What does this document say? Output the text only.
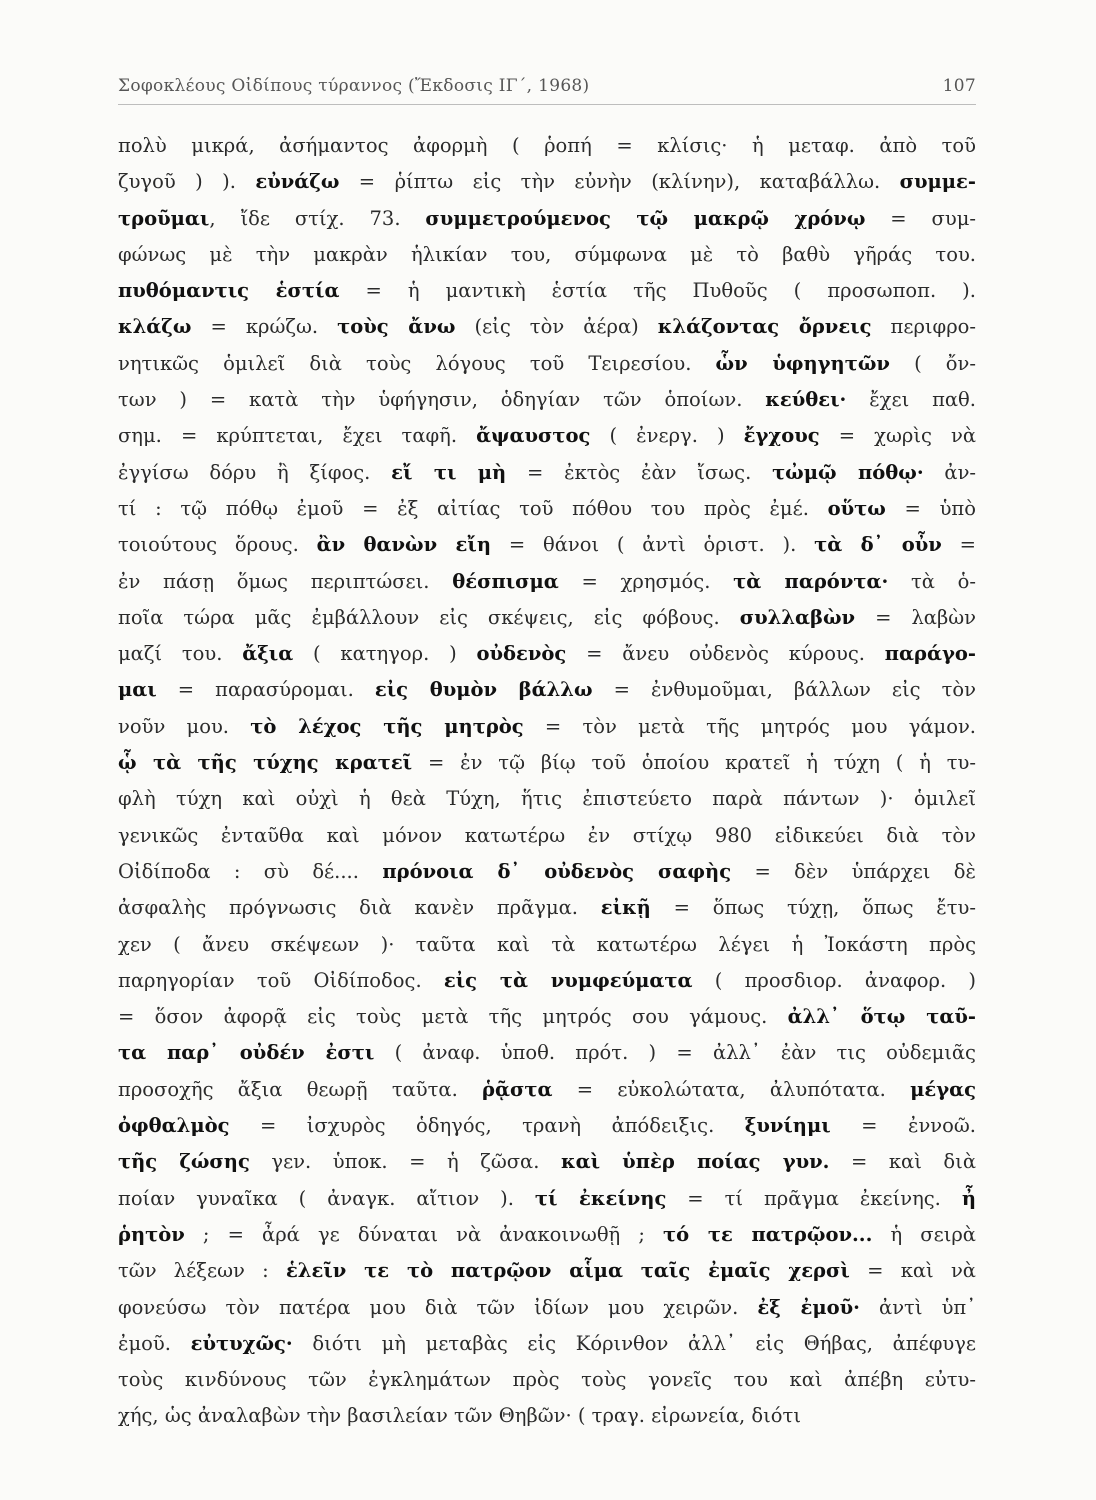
Σοφοκλέους Οἰδίπους τύραννος (Ἔκδοσις ΙΓ΄, 1968)	107
πολὺ μικρά, ἀσήμαντος ἀφορμὴ ( ῥοπή = κλίσις· ἡ μεταφ. ἀπὸ τοῦ
ζυγοῦ ) ). εὐνάζω = ῥίπτω εἰς τὴν εὐνὴν (κλίνην), καταβάλλω. συμμε-
τροῦμαι, ἴδε στίχ. 73. συμμετρούμενος τῷ μακρῷ χρόνῳ = συμ-
φώνως μὲ τὴν μακρὰν ἡλικίαν του, σύμφωνα μὲ τὸ βαθὺ γῆράς του.
πυθόμαντις ἑστία = ἡ μαντικὴ ἑστία τῆς Πυθοῦς ( προσωποπ. ).
κλάζω = κρώζω. τοὺς ἄνω (εἰς τὸν ἀέρα) κλάζοντας ὄρνεις περιφρο-
νητικῶς ὁμιλεῖ διὰ τοὺς λόγους τοῦ Τειρεσίου. ὧν ὑφηγητῶν ( ὄν-
των ) = κατὰ τὴν ὑφήγησιν, ὁδηγίαν τῶν ὁποίων. κεύθει· ἔχει παθ.
σημ. = κρύπτεται, ἔχει ταφῆ. ἄψαυστος ( ἐνεργ. ) ἔγχους = χωρὶς νὰ
ἐγγίσω δόρυ ἢ ξίφος. εἴ τι μὴ = ἐκτὸς ἐὰν ἴσως. τὠμῷ πόθῳ· ἀν-
τί : τῷ πόθῳ ἐμοῦ = ἐξ αἰτίας τοῦ πόθου του πρὸς ἐμέ. οὕτω = ὑπὸ
τοιούτους ὅρους. ἂν θανὼν εἴη = θάνοι ( ἀντὶ ὁριστ. ). τὰ δ᾽ οὖν =
ἐν πάσῃ ὅμως περιπτώσει. θέσπισμα = χρησμός. τὰ παρόντα· τὰ ὁ-
ποῖα τώρα μᾶς ἐμβάλλουν εἰς σκέψεις, εἰς φόβους. συλλαβὼν = λαβὼν
μαζί του. ἄξια ( κατηγορ. ) οὐδενὸς = ἄνευ οὐδενὸς κύρους. παράγο-
μαι = παρασύρομαι. εἰς θυμὸν βάλλω = ἐνθυμοῦμαι, βάλλων εἰς τὸν
νοῦν μου. τὸ λέχος τῆς μητρὸς = τὸν μετὰ τῆς μητρός μου γάμον.
ᾧ τὰ τῆς τύχης κρατεῖ = ἐν τῷ βίῳ τοῦ ὁποίου κρατεῖ ἡ τύχη ( ἡ τυ-
φλὴ τύχη καὶ οὐχὶ ἡ θεὰ Τύχη, ἥτις ἐπιστεύετο παρὰ πάντων )· ὁμιλεῖ
γενικῶς ἐνταῦθα καὶ μόνον κατωτέρω ἐν στίχῳ 980 εἰδικεύει διὰ τὸν
Οἰδίποδα : σὺ δέ.... πρόνοια δ᾽ οὐδενὸς σαφὴς = δὲν ὑπάρχει δὲ
ἀσφαλὴς πρόγνωσις διὰ κανὲν πρᾶγμα. εἰκῇ = ὅπως τύχῃ, ὅπως ἔτυ-
χεν ( ἄνευ σκέψεων )· ταῦτα καὶ τὰ κατωτέρω λέγει ἡ Ἰοκάστη πρὸς
παρηγορίαν τοῦ Οἰδίποδος. εἰς τὰ νυμφεύματα ( προσδιορ. ἀναφορ. )
= ὅσον ἀφορᾷ εἰς τοὺς μετὰ τῆς μητρός σου γάμους. ἀλλ᾽ ὅτῳ ταῦ-
τα παρ᾽ οὐδέν ἐστι ( ἀναφ. ὑποθ. πρότ. ) = ἀλλ᾽ ἐὰν τις οὐδεμιᾶς
προσοχῆς ἄξια θεωρῇ ταῦτα. ῥᾷστα = εὐκολώτατα, ἀλυπότατα. μέγας
ὀφθαλμὸς = ἰσχυρὸς ὁδηγός, τρανὴ ἀπόδειξις. ξυνίημι = ἐννοῶ.
τῆς ζώσης γεν. ὑποκ. = ἡ ζῶσα. καὶ ὑπὲρ ποίας γυν. = καὶ διὰ
ποίαν γυναῖκα ( ἀναγκ. αἴτιον ). τί ἐκείνης = τί πρᾶγμα ἐκείνης. ἦ
ῥητὸν ; = ἆρά γε δύναται νὰ ἀνακοινωθῇ ; τό τε πατρῷον... ἡ σειρὰ
τῶν λέξεων : ἑλεῖν τε τὸ πατρῷον αἷμα ταῖς ἐμαῖς χερσὶ = καὶ νὰ
φονεύσω τὸν πατέρα μου διὰ τῶν ἰδίων μου χειρῶν. ἐξ ἐμοῦ· ἀντὶ ὑπ᾽
ἐμοῦ. εὐτυχῶς· διότι μὴ μεταβὰς εἰς Κόρινθον ἀλλ᾽ εἰς Θήβας, ἀπέφυγε
τοὺς κινδύνους τῶν ἐγκλημάτων πρὸς τοὺς γονεῖς του καὶ ἀπέβη εὐτυ-
χής, ὡς ἀναλαβὼν τὴν βασιλείαν τῶν Θηβῶν· ( τραγ. εἰρωνεία, διότι
